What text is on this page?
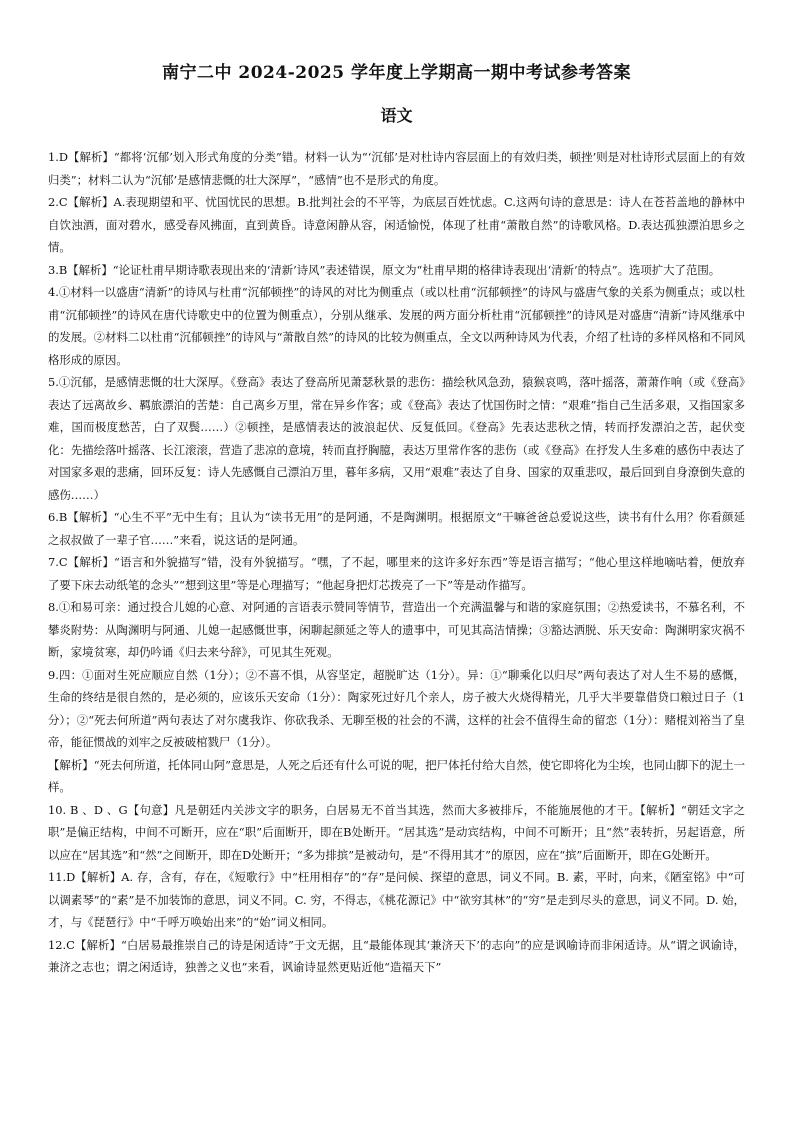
南宁二中 2024-2025 学年度上学期高一期中考试参考答案
语文

1.D【解析】“都将‘沉郁’划入形式角度的分类”错。材料一认为“‘沉郁’是对杜诗内容层面上的有效归类，顿挫’则是对杜诗形式层面上的有效归类”；材料二认为“沉郁’是感情悲慨的壮大深厚”，“感情”也不是形式的角度。

2.C【解析】A.表现期望和平、忧国忧民的思想。B.批判社会的不平等，为底层百姓忧虑。C.这两句诗的意思是：诗人在苍苔盖地的静林中自饮浊酒，面对碧水，感受春风拂面，直到黄昏。诗意闲静从容，闲适愉悦，体现了杜甫“萧散自然”的诗歌风格。D.表达孤独漂泊思乡之情。

3.B【解析】“论证杜甫早期诗歌表现出来的‘清新’诗风”表述错误，原文为“杜甫早期的格律诗表现出‘清新’的特点”。选项扩大了范围。

4.①材料一以盛唐“清新”的诗风与杜甫“沉郁顿挫”的诗风的对比为侧重点（或以杜甫“沉郁顿挫”的诗风与盛唐气象的关系为侧重点；或以杜甫“沉郁顿挫”的诗风在唐代诗歌史中的位置为侧重点），分别从继承、发展的两方面分析杜甫“沉郁顿挫”的诗风是对盛唐“清新”诗风继承中的发展。②材料二以杜甫“沉郁顿挫”的诗风与“萧散自然”的诗风的比较为侧重点，全文以两种诗风为代表，介绍了杜诗的多样风格和不同风格形成的原因。

5.①沉郁，是感情悲慨的壮大深厚。《登高》表达了登高所见萧瑟秋景的悲伤：描绘秋风急劲，猿猴哀鸣，落叶摇落，萧萧作响（或《登高》表达了远离故乡、羁旅漂泊的苦楚：自己离乡万里，常在异乡作客；或《登高》表达了忧国伤时之情：“艰难”指自己生活多艰，又指国家多难，国而极度愁苦，白了双鬓……）②顿挫，是感情表达的波浪起伏、反复低回。《登高》先表达悲秋之情，转而抒发漂泊之苦，起伏变化：先描绘落叶摇落、长江滚滚，营造了悲凉的意境，转而直抒胸臆，表达万里常作客的悲伤（或《登高》在抒发人生多难的感伤中表达了对国家多艰的悲痛，回环反复：诗人先感慨自己漂泊万里，暮年多病，又用“艰难”表达了自身、国家的双重悲叹，最后回到自身潦倒失意的感伤……）

6.B【解析】“心生不平”无中生有；且认为“读书无用”的是阿通，不是陶渊明。根据原文“干嘛爸爸总爱说这些，读书有什么用？你看颜延之叔叔做了一辈子官……”来看，说这话的是阿通。

7.C【解析】“语言和外貌描写”错，没有外貌描写。“嘿，了不起，哪里来的这许多好东西”等是语言描写；“他心里这样地嘀咕着，便放弃了要下床去动纸笔的念头”“想到这里”等是心理描写；“他起身把灯芯拨亮了一下”等是动作描写。

8.①和易可亲：通过投合儿媳的心意、对阿通的言语表示赞同等情节，营造出一个充满温馨与和谐的家庭氛围；②热爱读书，不慕名利，不攀炎附势：从陶渊明与阿通、儿媳一起感慨世事，闲聊起颜延之等人的遗事中，可见其高洁情操；③豁达洒脱、乐天安命：陶渊明家灾祸不断，家境贫寒，却仍吟诵《归去来兮辞》，可见其生死观。

9.四：①面对生死应顺应自然（1分）；②不喜不惧，从容坚定，超脱旷达（1分）。异：①“聊乘化以归尽”两句表达了对人生不易的感慨，生命的终结是很自然的，是必须的，应该乐天安命（1分）：陶家死过好几个亲人，房子被大火烧得精光，几乎大半要靠借贷口粮过日子（1分）；②“死去何所道”两句表达了对尔虞我诈、你砍我杀、无聊至极的社会的不满，这样的社会不值得生命的留恋（1分）：赌棍刘裕当了皇帝，能征惯战的刘牢之反被破棺戮尸（1分）。

【解析】“死去何所道，托体同山阿”意思是，人死之后还有什么可说的呢，把尸体托付给大自然，使它即将化为尘埃，也同山脚下的泥土一样。

10. B 、D 、G【句意】凡是朝廷内关涉文字的职务，白居易无不首当其选，然而大多被排斥，不能施展他的才干。【解析】“朝廷文字之职”是偏正结构，中间不可断开，应在“职”后面断开，即在B处断开。“居其选”是动宾结构，中间不可断开；且“然”表转折，另起语意，所以应在“居其选”和“然”之间断开，即在D处断开；“多为排摈”是被动句，是“不得用其才”的原因，应在“摈”后面断开，即在G处断开。

11.D【解析】A. 存，含有，存在，《短歌行》中“枉用相存”的“存”是问候、探望的意思，词义不同。B. 素，平时，向来，《陋室铭》中“可以调素琴”的“素”是不加装饰的意思，词义不同。C. 穷，不得志，《桃花源记》中“欲穷其林”的“穷”是走到尽头的意思，词义不同。D. 始，才，与《琵琶行》中“千呼万唤始出来”的“始”词义相同。

12.C【解析】“白居易最推崇自己的诗是闲适诗”于文无据，且“最能体现其‘兼济天下’的志向”的应是讽喻诗而非闲适诗。从“谓之讽谕诗，兼济之志也；谓之闲适诗，独善之义也”来看，讽谕诗显然更贴近他“造福天下”
